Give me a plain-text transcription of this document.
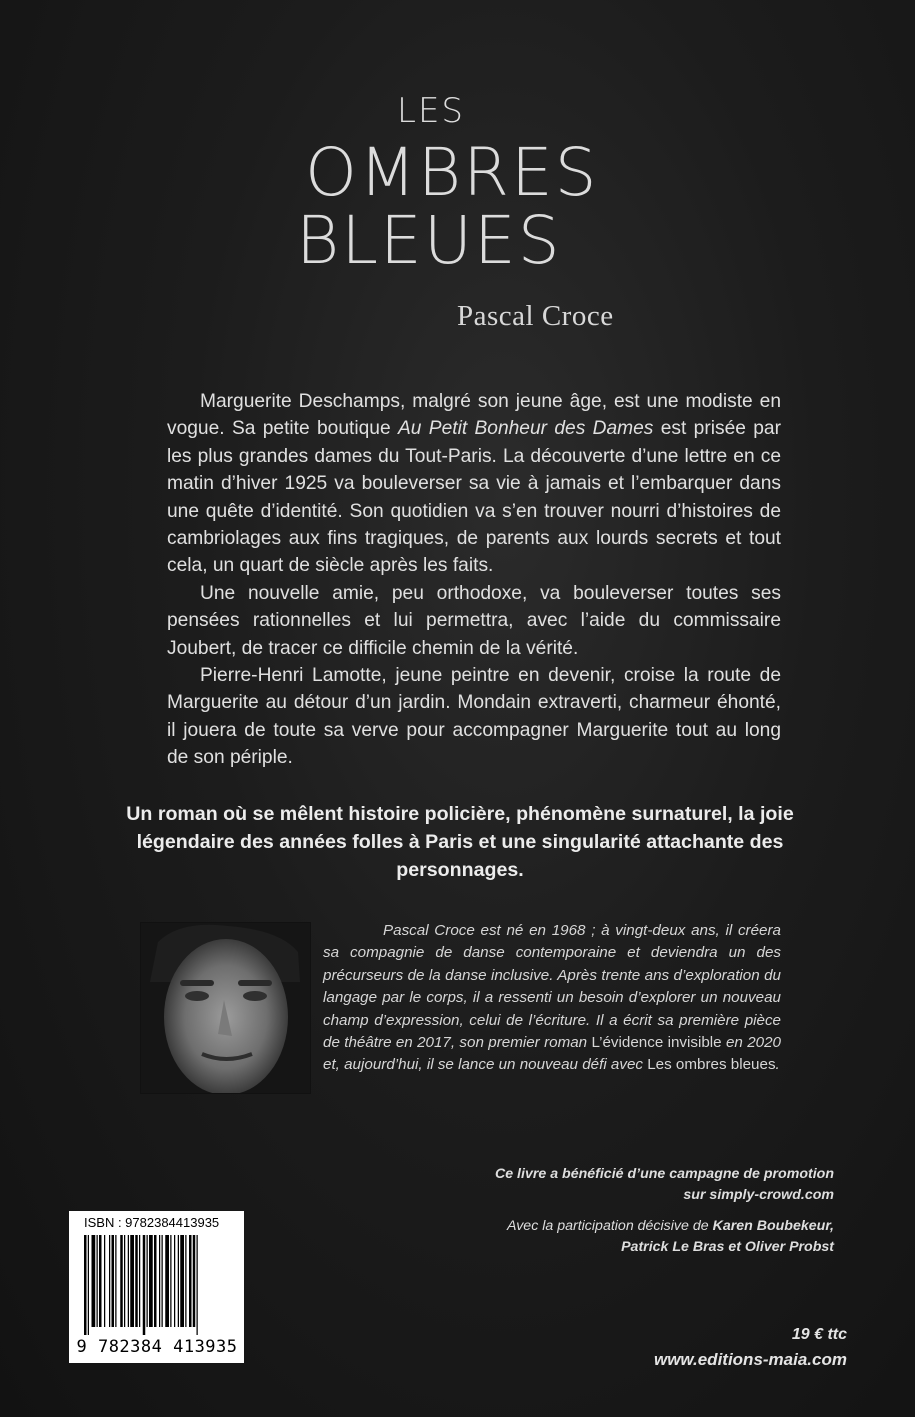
LES
OMBRES
BLEUES
Pascal Croce

Marguerite Deschamps, malgré son jeune âge, est une modiste en vogue. Sa petite boutique Au Petit Bonheur des Dames est prisée par les plus grandes dames du Tout-Paris. La découverte d’une lettre en ce matin d’hiver 1925 va bouleverser sa vie à jamais et l’embarquer dans une quête d’identité. Son quotidien va s’en trouver nourri d’histoires de cambriolages aux fins tragiques, de parents aux lourds secrets et tout cela, un quart de siècle après les faits.

Une nouvelle amie, peu orthodoxe, va bouleverser toutes ses pensées rationnelles et lui permettra, avec l’aide du commissaire Joubert, de tracer ce difficile chemin de la vérité.

Pierre-Henri Lamotte, jeune peintre en devenir, croise la route de Marguerite au détour d’un jardin. Mondain extraverti, charmeur éhonté, il jouera de toute sa verve pour accompagner Marguerite tout au long de son périple.

Un roman où se mêlent histoire policière, phénomène surnaturel, la joie légendaire des années folles à Paris et une singularité attachante des personnages.

Pascal Croce est né en 1968 ; à vingt-deux ans, il créera sa compagnie de danse contemporaine et deviendra un des précurseurs de la danse inclusive. Après trente ans d’exploration du langage par le corps, il a ressenti un besoin d’explorer un nouveau champ d’expression, celui de l’écriture. Il a écrit sa première pièce de théâtre en 2017, son premier roman L’évidence invisible en 2020 et, aujourd’hui, il se lance un nouveau défi avec Les ombres bleues.

Ce livre a bénéficié d’une campagne de promotion
sur simply-crowd.com
Avec la participation décisive de Karen Boubekeur,
Patrick Le Bras et Oliver Probst
ISBN : 9782384413935
9 782384 413935
19 € ttc
www.editions-maia.com
